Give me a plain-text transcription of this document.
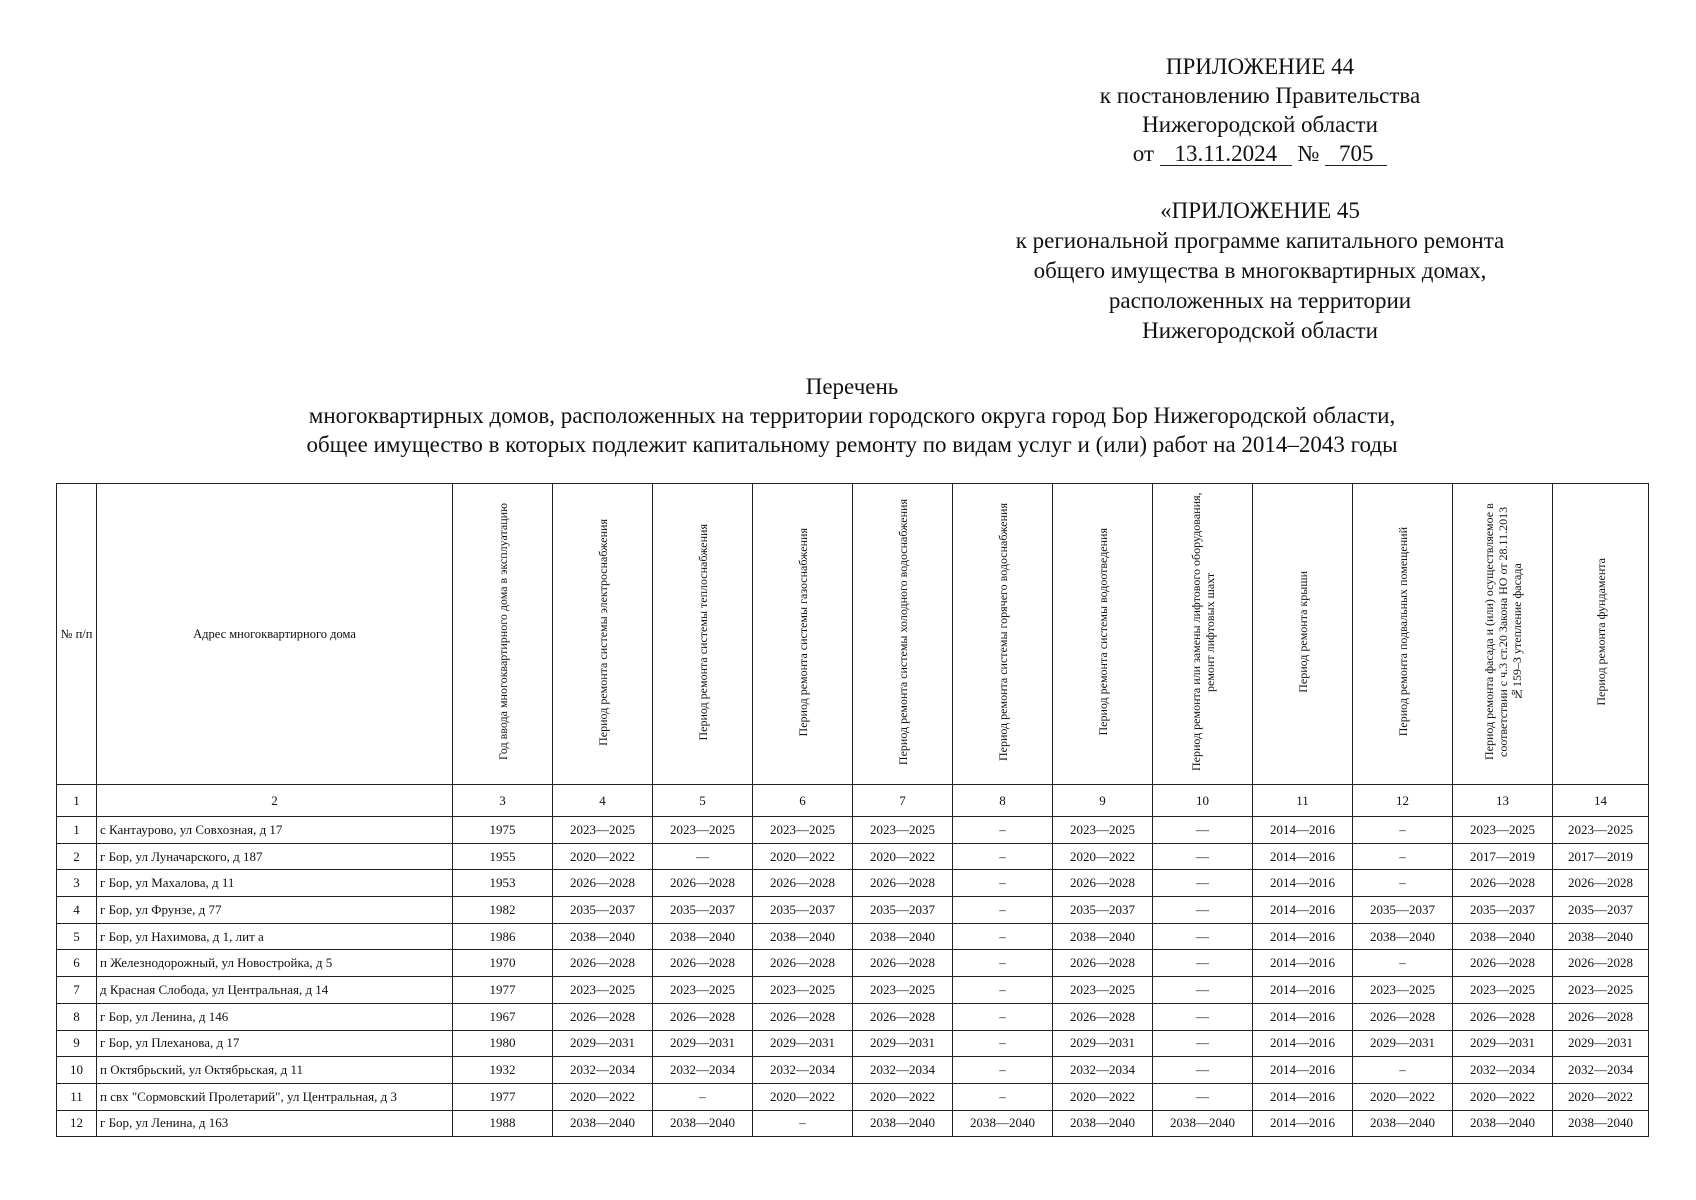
ПРИЛОЖЕНИЕ 44
к постановлению Правительства
Нижегородской области
от 13.11.2024 № 705
«ПРИЛОЖЕНИЕ 45
к региональной программе капитального ремонта
общего имущества в многоквартирных домах,
расположенных на территории
Нижегородской области
Перечень
многоквартирных домов, расположенных на территории городского округа город Бор Нижегородской области,
общее имущество в которых подлежит капитальному ремонту по видам услуг и (или) работ на 2014–2043 годы
№ п/п	Адрес многоквартирного дома	Год ввода многоквартирного дома в эксплуатацию	Период ремонта системы электроснабжения	Период ремонта системы теплоснабжения	Период ремонта системы газоснабжения	Период ремонта системы холодного водоснабжения	Период ремонта системы горячего водоснабжения	Период ремонта системы водоотведения	Период ремонта или замены лифтового оборудования, ремонт лифтовых шахт	Период ремонта крыши	Период ремонта подвальных помещений	Период ремонта фасада и (или) осуществляемое в соответствии с ч.3 ст.20 Закона НО от 28.11.2013 №159–З утепление фасада	Период ремонта фундамента
1	2	3	4	5	6	7	8	9	10	11	12	13	14
1	с Кантаурово, ул Совхозная, д 17	1975	2023—2025	2023—2025	2023—2025	2023—2025	–	2023—2025	—	2014—2016	–	2023—2025	2023—2025
2	г Бор, ул Луначарского, д 187	1955	2020—2022	—	2020—2022	2020—2022	–	2020—2022	—	2014—2016	–	2017—2019	2017—2019
3	г Бор, ул Махалова, д 11	1953	2026—2028	2026—2028	2026—2028	2026—2028	–	2026—2028	—	2014—2016	–	2026—2028	2026—2028
4	г Бор, ул Фрунзе, д 77	1982	2035—2037	2035—2037	2035—2037	2035—2037	–	2035—2037	—	2014—2016	2035—2037	2035—2037	2035—2037
5	г Бор, ул Нахимова, д 1, лит а	1986	2038—2040	2038—2040	2038—2040	2038—2040	–	2038—2040	—	2014—2016	2038—2040	2038—2040	2038—2040
6	п Железнодорожный, ул Новостройка, д 5	1970	2026—2028	2026—2028	2026—2028	2026—2028	–	2026—2028	—	2014—2016	–	2026—2028	2026—2028
7	д Красная Слобода, ул Центральная, д 14	1977	2023—2025	2023—2025	2023—2025	2023—2025	–	2023—2025	—	2014—2016	2023—2025	2023—2025	2023—2025
8	г Бор, ул Ленина, д 146	1967	2026—2028	2026—2028	2026—2028	2026—2028	–	2026—2028	—	2014—2016	2026—2028	2026—2028	2026—2028
9	г Бор, ул Плеханова, д 17	1980	2029—2031	2029—2031	2029—2031	2029—2031	–	2029—2031	—	2014—2016	2029—2031	2029—2031	2029—2031
10	п Октябрьский, ул Октябрьская, д 11	1932	2032—2034	2032—2034	2032—2034	2032—2034	–	2032—2034	—	2014—2016	–	2032—2034	2032—2034
11	п свх "Сормовский Пролетарий", ул Центральная, д 3	1977	2020—2022	–	2020—2022	2020—2022	–	2020—2022	—	2014—2016	2020—2022	2020—2022	2020—2022
12	г Бор, ул Ленина, д 163	1988	2038—2040	2038—2040	–	2038—2040	2038—2040	2038—2040	2038—2040	2014—2016	2038—2040	2038—2040	2038—2040
